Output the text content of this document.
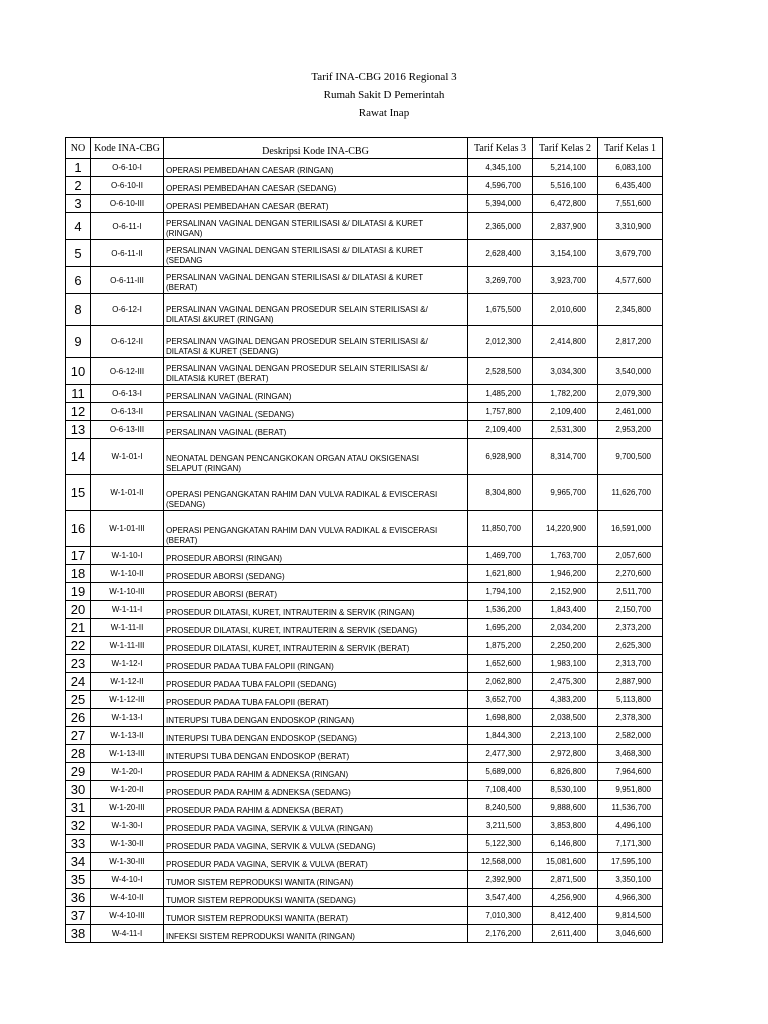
Tarif INA-CBG 2016 Regional 3
Rumah Sakit D Pemerintah
Rawat Inap
NO	Kode INA-CBG	Deskripsi Kode INA-CBG	Tarif Kelas 3	Tarif Kelas 2	Tarif Kelas 1
1	O-6-10-I	OPERASI PEMBEDAHAN CAESAR (RINGAN)	4,345,100	5,214,100	6,083,100
2	O-6-10-II	OPERASI PEMBEDAHAN CAESAR (SEDANG)	4,596,700	5,516,100	6,435,400
3	O-6-10-III	OPERASI PEMBEDAHAN CAESAR (BERAT)	5,394,000	6,472,800	7,551,600
4	O-6-11-I	PERSALINAN VAGINAL DENGAN STERILISASI &/ DILATASI & KURET
(RINGAN)	2,365,000	2,837,900	3,310,900
5	O-6-11-II	PERSALINAN VAGINAL DENGAN STERILISASI &/ DILATASI & KURET
(SEDANG	2,628,400	3,154,100	3,679,700
6	O-6-11-III	PERSALINAN VAGINAL DENGAN STERILISASI &/ DILATASI & KURET
(BERAT)	3,269,700	3,923,700	4,577,600
8	O-6-12-I	PERSALINAN VAGINAL DENGAN PROSEDUR SELAIN STERILISASI &/
DILATASI &KURET (RINGAN)	1,675,500	2,010,600	2,345,800
9	O-6-12-II	PERSALINAN VAGINAL DENGAN PROSEDUR SELAIN STERILISASI &/
DILATASI & KURET (SEDANG)	2,012,300	2,414,800	2,817,200
10	O-6-12-III	PERSALINAN VAGINAL DENGAN PROSEDUR SELAIN STERILISASI &/
DILATASI& KURET (BERAT)	2,528,500	3,034,300	3,540,000
11	O-6-13-I	PERSALINAN VAGINAL (RINGAN)	1,485,200	1,782,200	2,079,300
12	O-6-13-II	PERSALINAN VAGINAL (SEDANG)	1,757,800	2,109,400	2,461,000
13	O-6-13-III	PERSALINAN VAGINAL (BERAT)	2,109,400	2,531,300	2,953,200
14	W-1-01-I	NEONATAL DENGAN PENCANGKOKAN ORGAN ATAU OKSIGENASI
SELAPUT (RINGAN)	6,928,900	8,314,700	9,700,500
15	W-1-01-II	OPERASI PENGANGKATAN RAHIM DAN VULVA RADIKAL & EVISCERASI
(SEDANG)	8,304,800	9,965,700	11,626,700
16	W-1-01-III	OPERASI PENGANGKATAN RAHIM DAN VULVA RADIKAL & EVISCERASI
(BERAT)	11,850,700	14,220,900	16,591,000
17	W-1-10-I	PROSEDUR ABORSI (RINGAN)	1,469,700	1,763,700	2,057,600
18	W-1-10-II	PROSEDUR ABORSI (SEDANG)	1,621,800	1,946,200	2,270,600
19	W-1-10-III	PROSEDUR ABORSI (BERAT)	1,794,100	2,152,900	2,511,700
20	W-1-11-I	PROSEDUR DILATASI, KURET, INTRAUTERIN & SERVIK (RINGAN)	1,536,200	1,843,400	2,150,700
21	W-1-11-II	PROSEDUR DILATASI, KURET, INTRAUTERIN & SERVIK (SEDANG)	1,695,200	2,034,200	2,373,200
22	W-1-11-III	PROSEDUR DILATASI, KURET, INTRAUTERIN & SERVIK (BERAT)	1,875,200	2,250,200	2,625,300
23	W-1-12-I	PROSEDUR PADAA TUBA FALOPII (RINGAN)	1,652,600	1,983,100	2,313,700
24	W-1-12-II	PROSEDUR PADAA TUBA FALOPII (SEDANG)	2,062,800	2,475,300	2,887,900
25	W-1-12-III	PROSEDUR PADAA TUBA FALOPII (BERAT)	3,652,700	4,383,200	5,113,800
26	W-1-13-I	INTERUPSI TUBA DENGAN ENDOSKOP (RINGAN)	1,698,800	2,038,500	2,378,300
27	W-1-13-II	INTERUPSI TUBA DENGAN ENDOSKOP (SEDANG)	1,844,300	2,213,100	2,582,000
28	W-1-13-III	INTERUPSI TUBA DENGAN ENDOSKOP (BERAT)	2,477,300	2,972,800	3,468,300
29	W-1-20-I	PROSEDUR PADA RAHIM & ADNEKSA (RINGAN)	5,689,000	6,826,800	7,964,600
30	W-1-20-II	PROSEDUR PADA RAHIM & ADNEKSA (SEDANG)	7,108,400	8,530,100	9,951,800
31	W-1-20-III	PROSEDUR PADA RAHIM & ADNEKSA (BERAT)	8,240,500	9,888,600	11,536,700
32	W-1-30-I	PROSEDUR PADA VAGINA, SERVIK & VULVA (RINGAN)	3,211,500	3,853,800	4,496,100
33	W-1-30-II	PROSEDUR PADA VAGINA, SERVIK & VULVA (SEDANG)	5,122,300	6,146,800	7,171,300
34	W-1-30-III	PROSEDUR PADA VAGINA, SERVIK & VULVA (BERAT)	12,568,000	15,081,600	17,595,100
35	W-4-10-I	TUMOR SISTEM REPRODUKSI WANITA (RINGAN)	2,392,900	2,871,500	3,350,100
36	W-4-10-II	TUMOR SISTEM REPRODUKSI WANITA (SEDANG)	3,547,400	4,256,900	4,966,300
37	W-4-10-III	TUMOR SISTEM REPRODUKSI WANITA (BERAT)	7,010,300	8,412,400	9,814,500
38	W-4-11-I	INFEKSI SISTEM REPRODUKSI WANITA (RINGAN)	2,176,200	2,611,400	3,046,600
